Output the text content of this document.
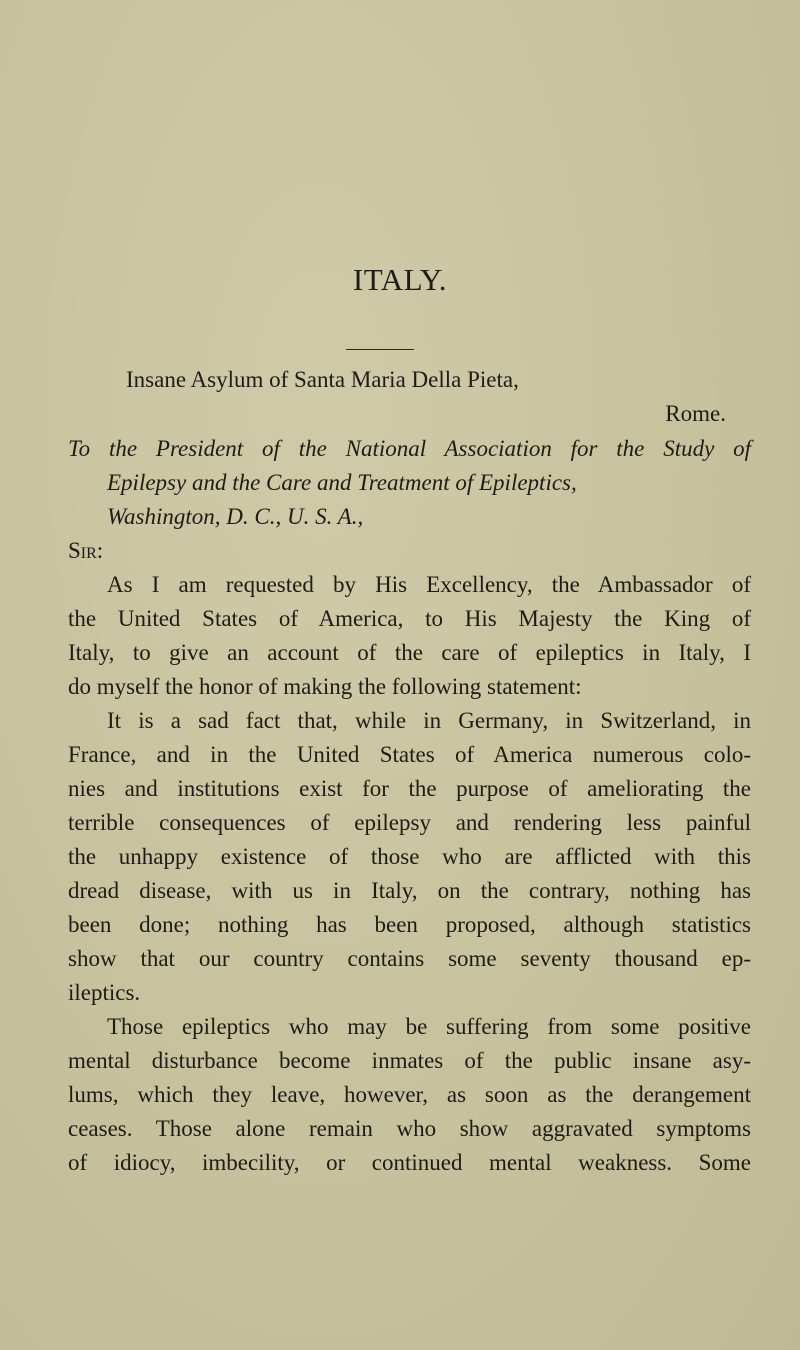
ITALY.
Insane Asylum of Santa Maria Della Pieta,
Rome.
To the President of the National Association for the Study of
Epilepsy and the Care and Treatment of Epileptics,
Washington, D. C., U. S. A.,
Sir:
As I am requested by His Excellency, the Ambassador of
the United States of America, to His Majesty the King of
Italy, to give an account of the care of epileptics in Italy, I
do myself the honor of making the following statement:
It is a sad fact that, while in Germany, in Switzerland, in
France, and in the United States of America numerous colo-
nies and institutions exist for the purpose of ameliorating the
terrible consequences of epilepsy and rendering less painful
the unhappy existence of those who are afflicted with this
dread disease, with us in Italy, on the contrary, nothing has
been done; nothing has been proposed, although statistics
show that our country contains some seventy thousand ep-
ileptics.
Those epileptics who may be suffering from some positive
mental disturbance become inmates of the public insane asy-
lums, which they leave, however, as soon as the derangement
ceases. Those alone remain who show aggravated symptoms
of idiocy, imbecility, or continued mental weakness. Some
